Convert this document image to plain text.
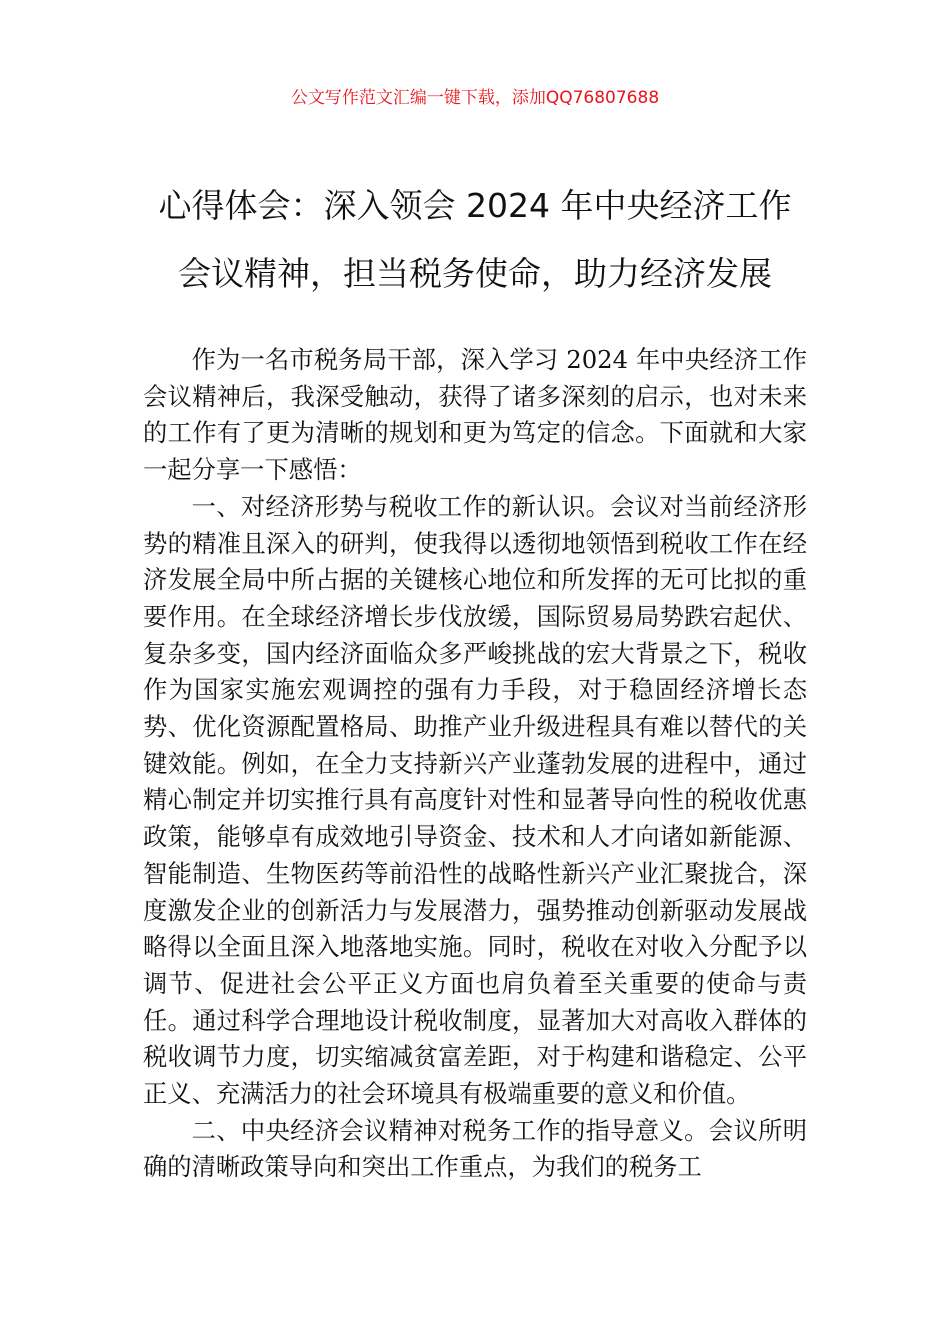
公文写作范文汇编一键下载，添加QQ76807688
心得体会：深入领会 2024 年中央经济工作
会议精神，担当税务使命，助力经济发展

作为一名市税务局干部，深入学习 2024 年中央经济工作会议精神后，我深受触动，获得了诸多深刻的启示，也对未来的工作有了更为清晰的规划和更为笃定的信念。下面就和大家一起分享一下感悟：

一、对经济形势与税收工作的新认识。会议对当前经济形势的精准且深入的研判，使我得以透彻地领悟到税收工作在经济发展全局中所占据的关键核心地位和所发挥的无可比拟的重要作用。在全球经济增长步伐放缓，国际贸易局势跌宕起伏、复杂多变，国内经济面临众多严峻挑战的宏大背景之下，税收作为国家实施宏观调控的强有力手段，对于稳固经济增长态势、优化资源配置格局、助推产业升级进程具有难以替代的关键效能。例如，在全力支持新兴产业蓬勃发展的进程中，通过精心制定并切实推行具有高度针对性和显著导向性的税收优惠政策，能够卓有成效地引导资金、技术和人才向诸如新能源、智能制造、生物医药等前沿性的战略性新兴产业汇聚拢合，深度激发企业的创新活力与发展潜力，强势推动创新驱动发展战略得以全面且深入地落地实施。同时，税收在对收入分配予以调节、促进社会公平正义方面也肩负着至关重要的使命与责任。通过科学合理地设计税收制度，显著加大对高收入群体的税收调节力度，切实缩减贫富差距，对于构建和谐稳定、公平正义、充满活力的社会环境具有极端重要的意义和价值。

二、中央经济会议精神对税务工作的指导意义。会议所明确的清晰政策导向和突出工作重点，为我们的税务工
